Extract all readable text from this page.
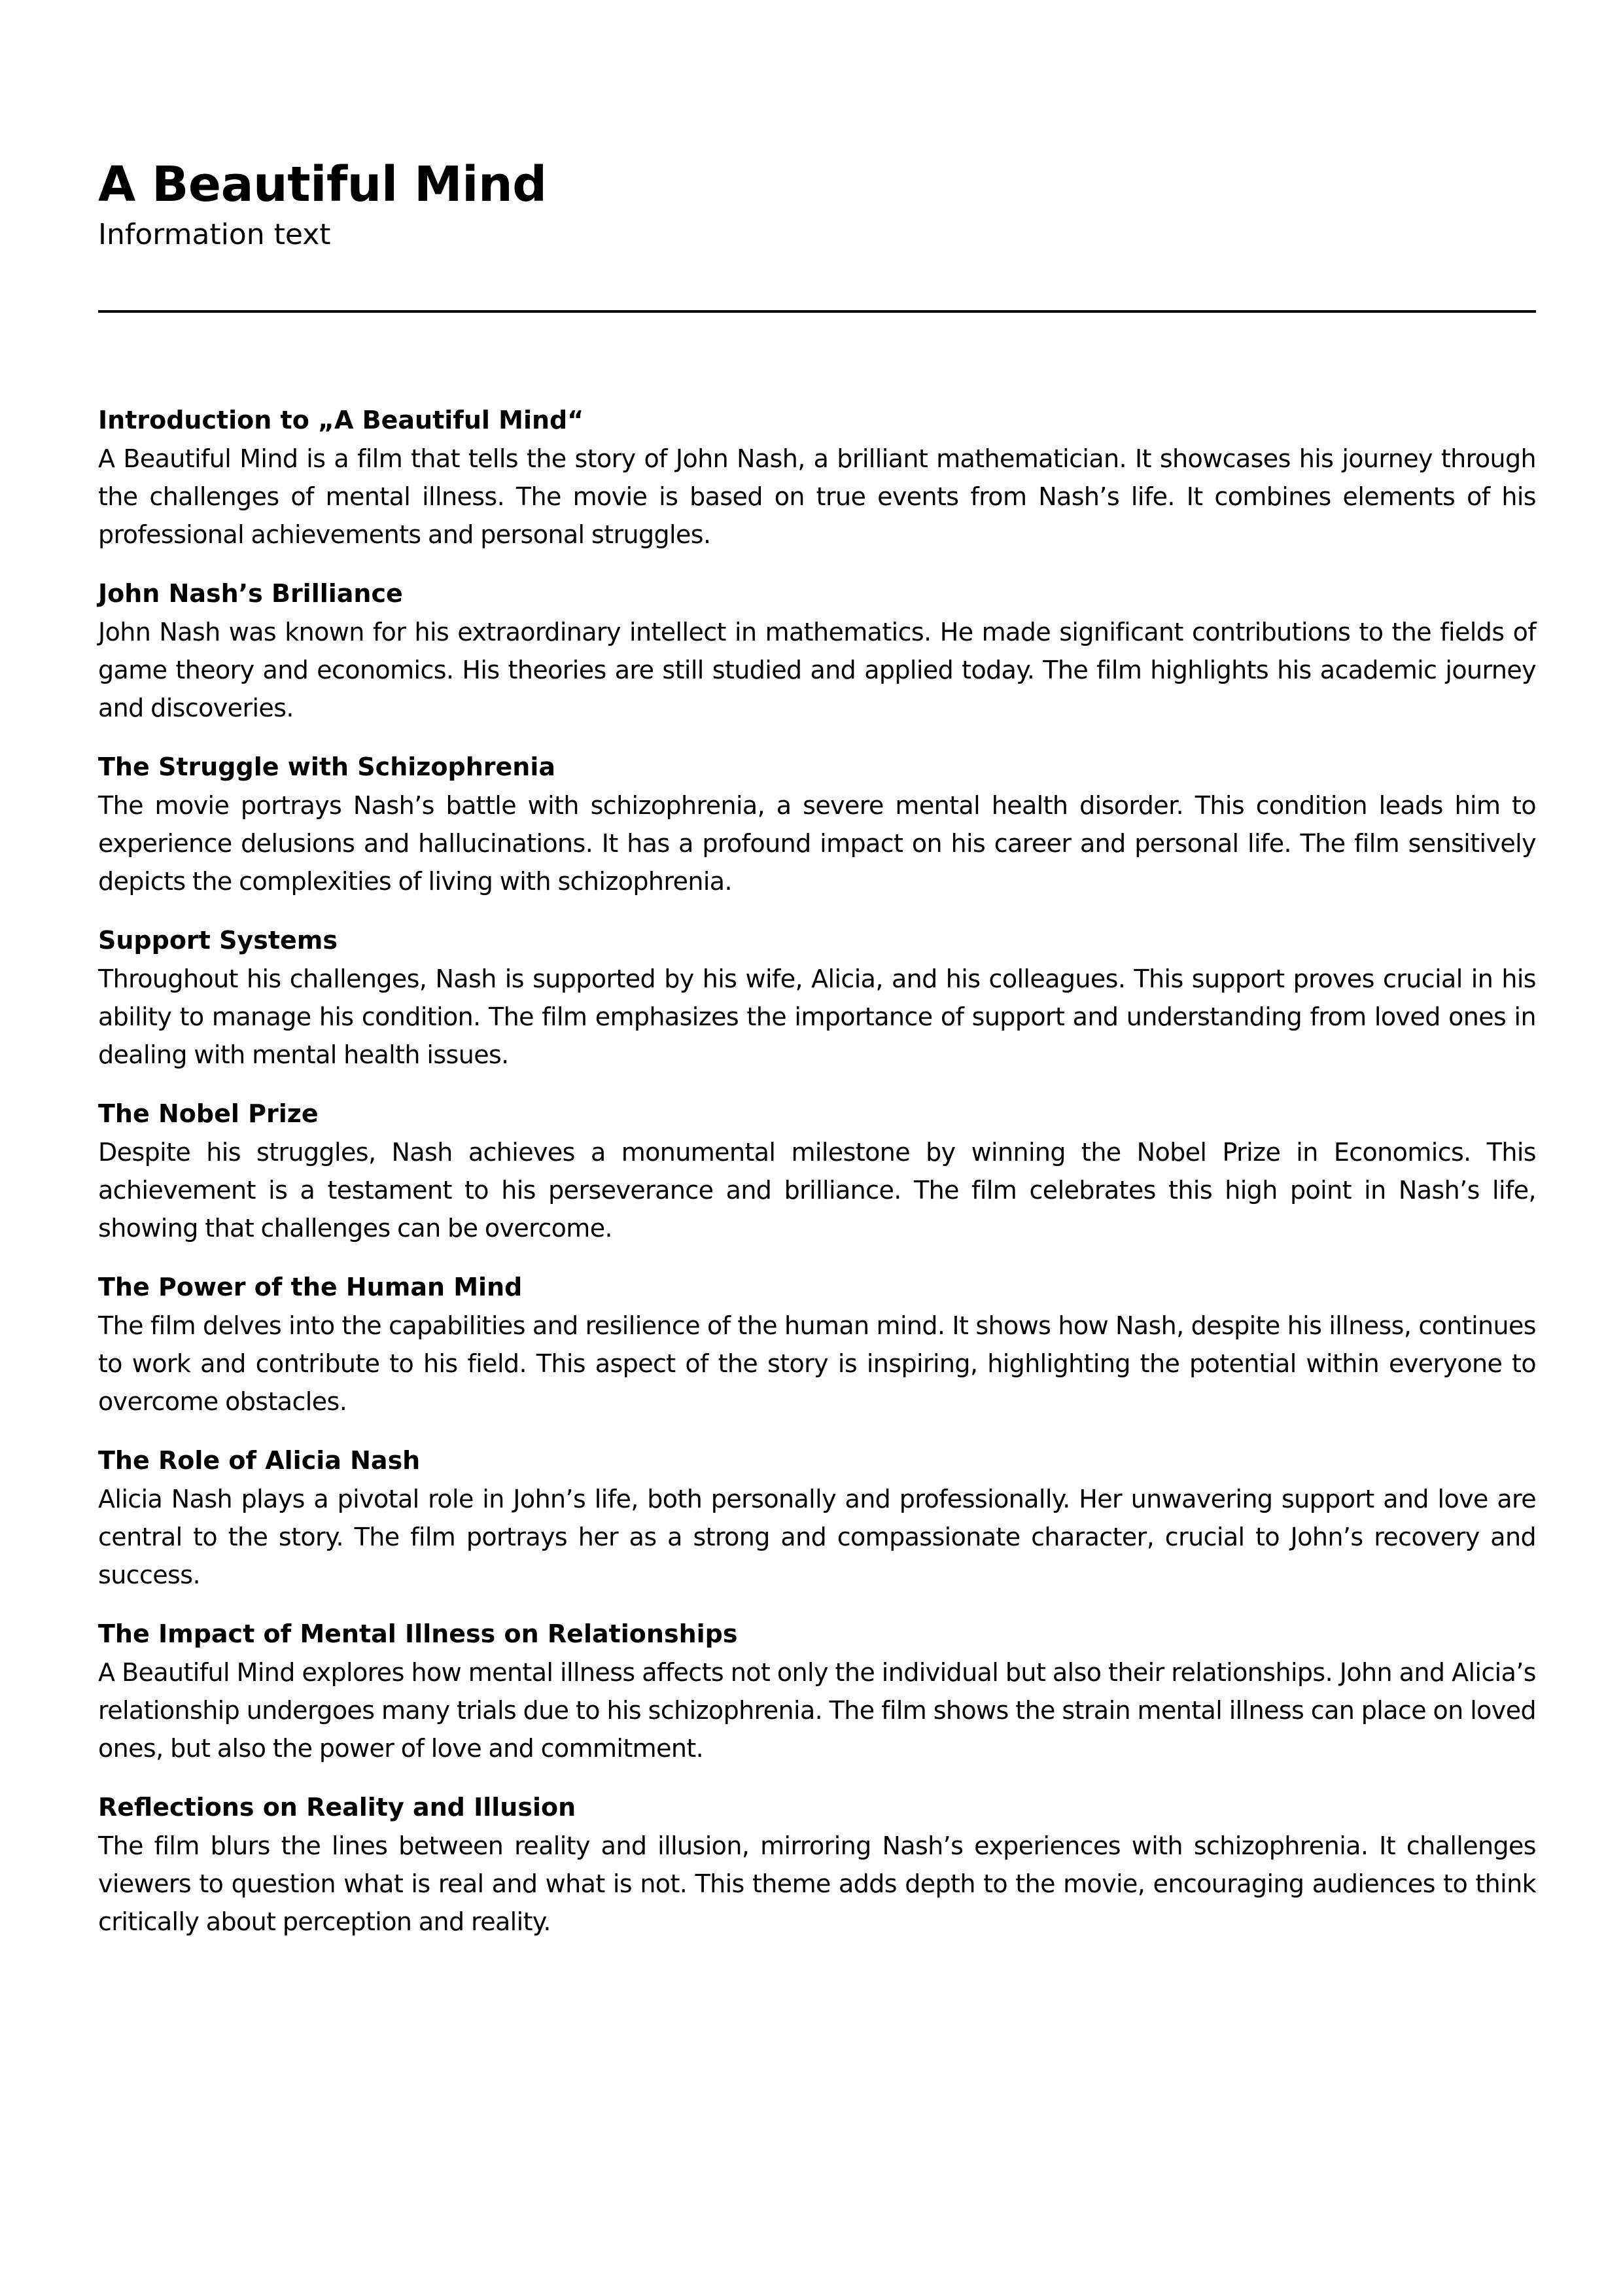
A Beautiful Mind
Information text
Introduction to „A Beautiful Mind“

A Beautiful Mind is a film that tells the story of John Nash, a brilliant mathematician. It showcases his journey through the challenges of mental illness. The movie is based on true events from Nash’s life. It combines elements of his professional achievements and personal struggles.

John Nash’s Brilliance

John Nash was known for his extraordinary intellect in mathematics. He made significant contributions to the fields of game theory and economics. His theories are still studied and applied today. The film highlights his academic journey and discoveries.

The Struggle with Schizophrenia

The movie portrays Nash’s battle with schizophrenia, a severe mental health disorder. This condition leads him to experience delusions and hallucinations. It has a profound impact on his career and personal life. The film sensitively depicts the complexities of living with schizophrenia.

Support Systems

Throughout his challenges, Nash is supported by his wife, Alicia, and his colleagues. This support proves crucial in his ability to manage his condition. The film emphasizes the importance of support and understanding from loved ones in dealing with mental health issues.

The Nobel Prize

Despite his struggles, Nash achieves a monumental milestone by winning the Nobel Prize in Economics. This achievement is a testament to his perseverance and brilliance. The film celebrates this high point in Nash’s life, showing that challenges can be overcome.

The Power of the Human Mind

The film delves into the capabilities and resilience of the human mind. It shows how Nash, despite his illness, continues to work and contribute to his field. This aspect of the story is inspiring, highlighting the potential within everyone to overcome obstacles.

The Role of Alicia Nash

Alicia Nash plays a pivotal role in John’s life, both personally and professionally. Her unwavering support and love are central to the story. The film portrays her as a strong and compassionate character, crucial to John’s recovery and success.

The Impact of Mental Illness on Relationships

A Beautiful Mind explores how mental illness affects not only the individual but also their relationships. John and Alicia’s relationship undergoes many trials due to his schizophrenia. The film shows the strain mental illness can place on loved ones, but also the power of love and commitment.

Reflections on Reality and Illusion

The film blurs the lines between reality and illusion, mirroring Nash’s experiences with schizophrenia. It challenges viewers to question what is real and what is not. This theme adds depth to the movie, encouraging audiences to think critically about perception and reality.
